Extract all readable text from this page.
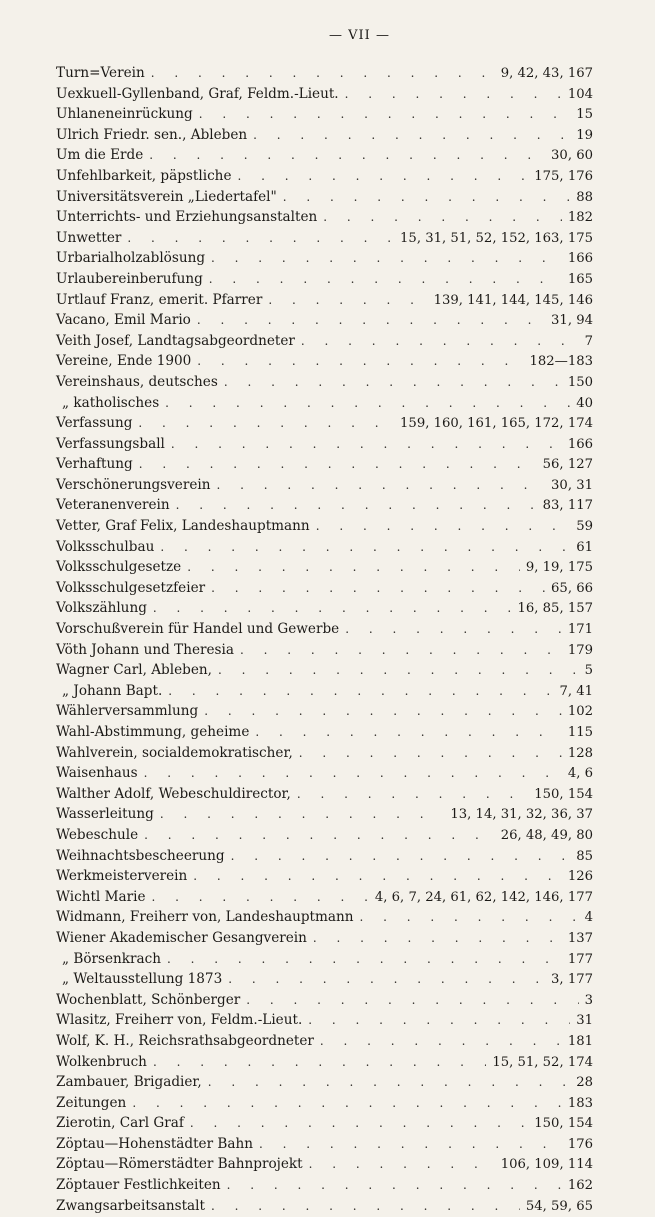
— VII —
Turn=Verein . . .	9, 42, 43, 167
Uexkuell-Gyllenband, Graf, Feldm.-Lieut. . . .	104
Uhlaneneinrückung . . .	15
Ulrich Friedr. sen., Ableben . . .	19
Um die Erde . . .	30, 60
Unfehlbarkeit, päpstliche . . .	175, 176
Universitätsverein „Liedertafel" . . .	88
Unterrichts- und Erziehungsanstalten . . .	182
Unwetter . . .	15, 31, 51, 52, 152, 163, 175
Urbarialholzablösung . . .	166
Urlaubereinberufung . . .	165
Urtlauf Franz, emerit. Pfarrer . . .	139, 141, 144, 145, 146
Vacano, Emil Mario . . .	31, 94
Veith Josef, Landtagsabgeordneter . . .	7
Vereine, Ende 1900 . . .	182—183
Vereinshaus, deutsches . . .	150
„ katholisches . . .	40
Verfassung . . .	159, 160, 161, 165, 172, 174
Verfassungsball . . .	166
Verhaftung . . .	56, 127
Verschönerungsverein . . .	30, 31
Veteranenverein . . .	83, 117
Vetter, Graf Felix, Landeshauptmann . . .	59
Volksschulbau . . .	61
Volksschulgesetze . . .	9, 19, 175
Volksschulgesetzfeier . . .	65, 66
Volkszählung . . .	16, 85, 157
Vorschußverein für Handel und Gewerbe . . .	171
Vöth Johann und Theresia . . .	179
Wagner Carl, Ableben, . . .	5
„ Johann Bapt. . . .	7, 41
Wählerversammlung . . .	102
Wahl-Abstimmung, geheime . . .	115
Wahlverein, socialdemokratischer, . . .	128
Waisenhaus . . .	4, 6
Walther Adolf, Webeschuldirector, . . .	150, 154
Wasserleitung . . .	13, 14, 31, 32, 36, 37
Webeschule . . .	26, 48, 49, 80
Weihnachtsbescheerung . . .	85
Werkmeisterverein . . .	126
Wichtl Marie . . .	4, 6, 7, 24, 61, 62, 142, 146, 177
Widmann, Freiherr von, Landeshauptmann . . .	4
Wiener Akademischer Gesangverein . . .	137
„ Börsenkrach . . .	177
„ Weltausstellung 1873 . . .	3, 177
Wochenblatt, Schönberger . . .	3
Wlasitz, Freiherr von, Feldm.-Lieut. . . .	31
Wolf, K. H., Reichsrathsabgeordneter . . .	181
Wolkenbruch . . .	15, 51, 52, 174
Zambauer, Brigadier, . . .	28
Zeitungen . . .	183
Zierotin, Carl Graf . . .	150, 154
Zöptau—Hohenstädter Bahn . . .	176
Zöptau—Römerstädter Bahnprojekt . . .	106, 109, 114
Zöptauer Festlichkeiten . . .	162
Zwangsarbeitsanstalt . . .	54, 59, 65
